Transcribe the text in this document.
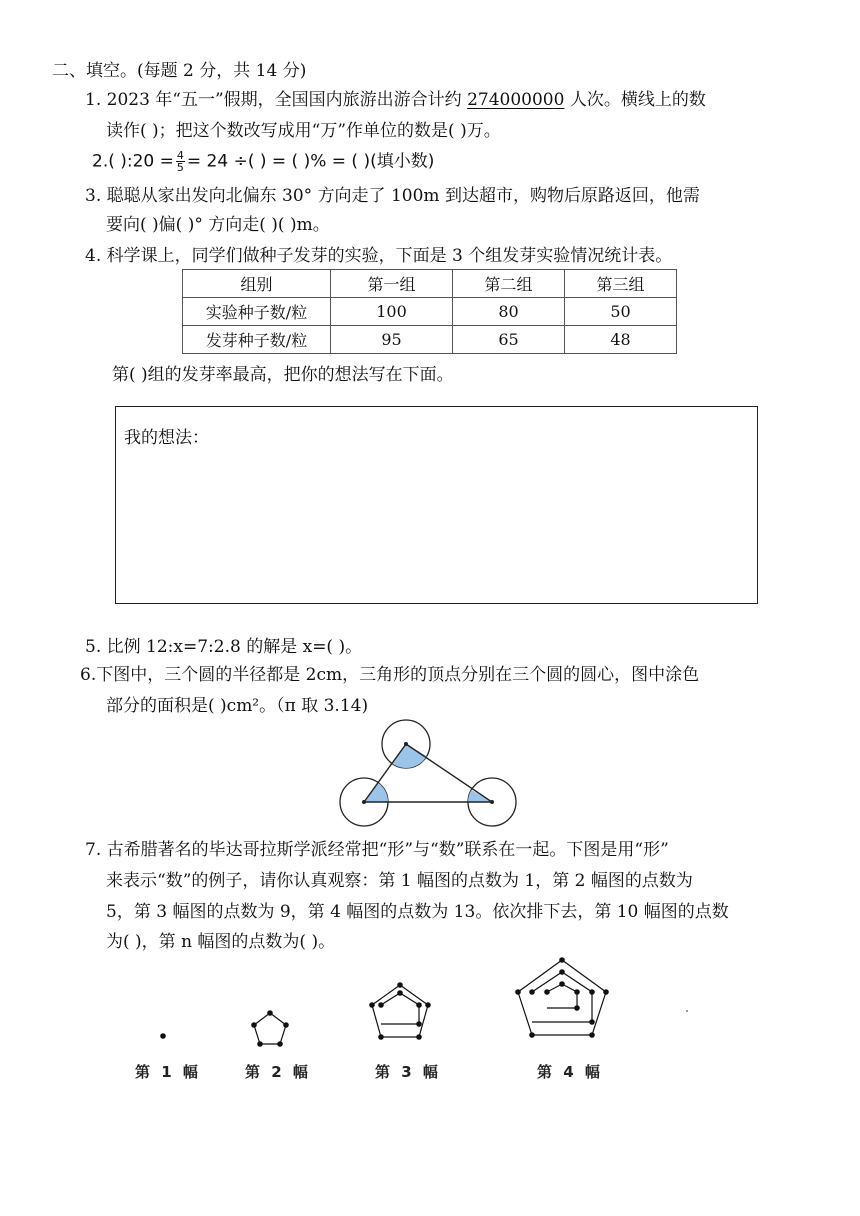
二、填空。(每题 2 分，共 14 分)
1. 2023 年“五一”假期，全国国内旅游出游合计约 274000000 人次。横线上的数
读作( )；把这个数改写成用“万”作单位的数是( )万。
2.( ):20 = $\frac{4}{5} = 24$ ÷( ) = ( )% = ( )(填小数)
3. 聪聪从家出发向北偏东 30° 方向走了 100m 到达超市，购物后原路返回，他需
要向( )偏( )° 方向走( )( )m。
4. 科学课上，同学们做种子发芽的实验，下面是 3 个组发芽实验情况统计表。
组别	第一组	第二组	第三组
实验种子数/粒	100	80	50
发芽种子数/粒	95	65	48
第( )组的发芽率最高，把你的想法写在下面。
我的想法：
5. 比例 12:x=7:2.8 的解是 x=( )。
6.下图中，三个圆的半径都是 2cm，三角形的顶点分别在三个圆的圆心，图中涂色
部分的面积是( )cm²。（π 取 3.14)
7. 古希腊著名的毕达哥拉斯学派经常把“形”与“数”联系在一起。下图是用“形”
来表示“数”的例子，请你认真观察：第 1 幅图的点数为 1，第 2 幅图的点数为
5，第 3 幅图的点数为 9，第 4 幅图的点数为 13。依次排下去，第 10 幅图的点数
为( )，第 n 幅图的点数为( )。
第 1 幅	第 2 幅	第 3 幅	第 4 幅
